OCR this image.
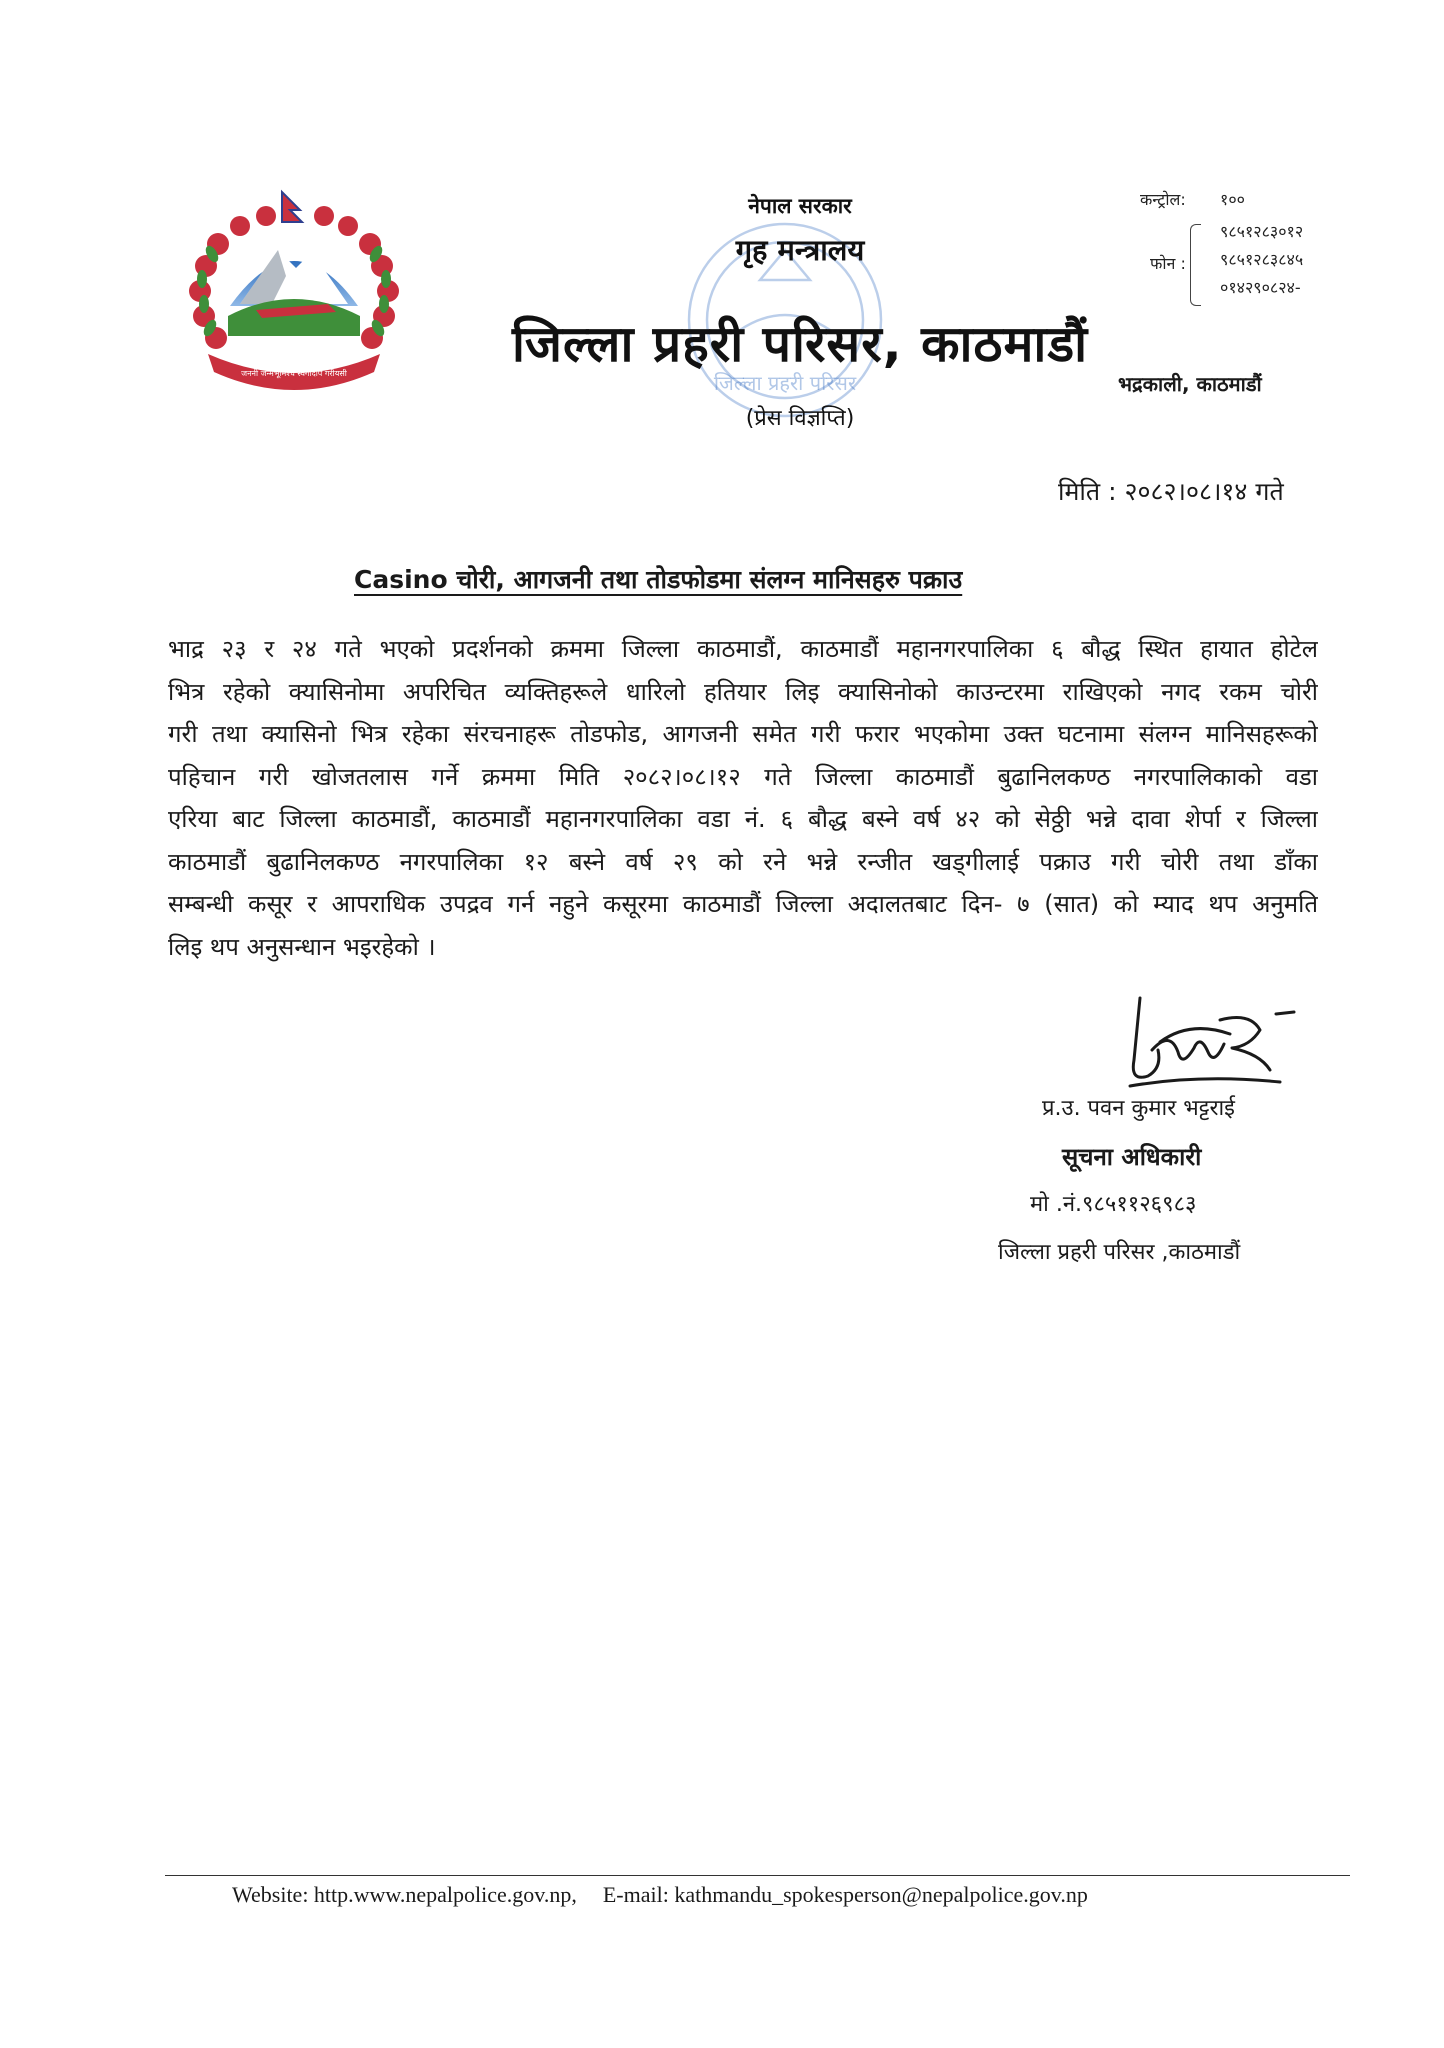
जननी जन्मभूमिश्च स्वर्गादपि गरीयसी	जिल्ला प्रहरी परिसर
नेपाल सरकार
गृह मन्त्रालय
जिल्ला प्रहरी परिसर, काठमाडौं
(प्रेस विज्ञप्ति)
कन्ट्रोल: १००
फोन :
९८५१२८३०१२
९८५१२८३८४५
०१४२९०८२४-
भद्रकाली, काठमाडौं
मिति : २०८२।०८।१४ गते
Casino चोरी, आगजनी तथा तोडफोडमा संलग्न मानिसहरु पक्राउ
भाद्र २३ र २४ गते भएको प्रदर्शनको क्रममा जिल्ला काठमाडौं, काठमाडौं महानगरपालिका ६ बौद्ध स्थित हायात होटेल
भित्र रहेको क्यासिनोमा अपरिचित व्यक्तिहरूले धारिलो हतियार लिइ क्यासिनोको काउन्टरमा राखिएको नगद रकम चोरी
गरी तथा क्यासिनो भित्र रहेका संरचनाहरू तोडफोड, आगजनी समेत गरी फरार भएकोमा उक्त घटनामा संलग्न मानिसहरूको
पहिचान गरी खोजतलास गर्ने क्रममा मिति २०८२।०८।१२ गते जिल्ला काठमाडौं बुढानिलकण्ठ नगरपालिकाको वडा
एरिया बाट जिल्ला काठमाडौं, काठमाडौं महानगरपालिका वडा नं. ६ बौद्ध बस्ने वर्ष ४२ को सेठ्ठी भन्ने दावा शेर्पा र जिल्ला
काठमाडौं बुढानिलकण्ठ नगरपालिका १२ बस्ने वर्ष २९ को रने भन्ने रन्जीत खड्गीलाई पक्राउ गरी चोरी तथा डाँका
सम्बन्धी कसूर र आपराधिक उपद्रव गर्न नहुने कसूरमा काठमाडौं जिल्ला अदालतबाट दिन- ७ (सात) को म्याद थप अनुमति
लिइ थप अनुसन्धान भइरहेको ।
प्र.उ. पवन कुमार भट्टराई
सूचना अधिकारी
मो .नं.९८५११२६९८३
जिल्ला प्रहरी परिसर ,काठमाडौं
Website: http.www.nepalpolice.gov.np, E-mail: kathmandu_spokesperson@nepalpolice.gov.np
